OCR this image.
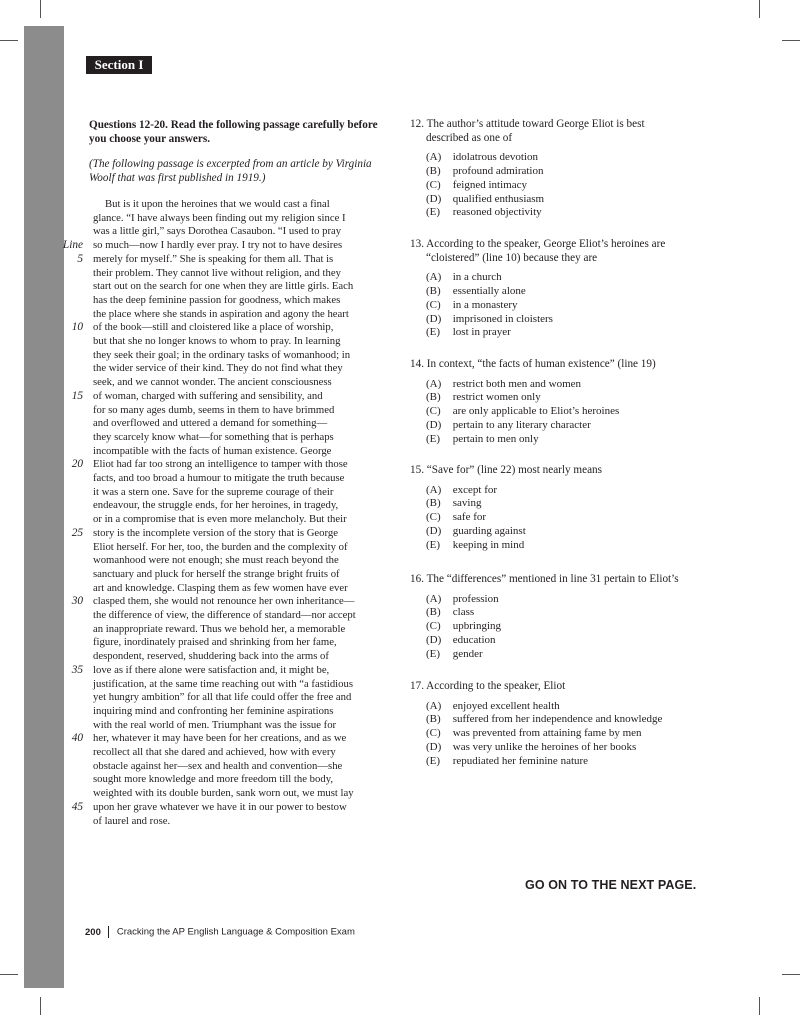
Section I

Questions 12-20. Read the following passage carefully before you choose your answers.

(The following passage is excerpted from an article by Virginia Woolf that was first published in 1919.)

Line
5
10
15
20
25
30
35
40
45
But is it upon the heroines that we would cast a final
glance. “I have always been finding out my religion since I
was a little girl,” says Dorothea Casaubon. “I used to pray
so much—now I hardly ever pray. I try not to have desires
merely for myself.” She is speaking for them all. That is
their problem. They cannot live without religion, and they
start out on the search for one when they are little girls. Each
has the deep feminine passion for goodness, which makes
the place where she stands in aspiration and agony the heart
of the book—still and cloistered like a place of worship,
but that she no longer knows to whom to pray. In learning
they seek their goal; in the ordinary tasks of womanhood; in
the wider service of their kind. They do not find what they
seek, and we cannot wonder. The ancient consciousness
of woman, charged with suffering and sensibility, and
for so many ages dumb, seems in them to have brimmed
and overflowed and uttered a demand for something—
they scarcely know what—for something that is perhaps
incompatible with the facts of human existence. George
Eliot had far too strong an intelligence to tamper with those
facts, and too broad a humour to mitigate the truth because
it was a stern one. Save for the supreme courage of their
endeavour, the struggle ends, for her heroines, in tragedy,
or in a compromise that is even more melancholy. But their
story is the incomplete version of the story that is George
Eliot herself. For her, too, the burden and the complexity of
womanhood were not enough; she must reach beyond the
sanctuary and pluck for herself the strange bright fruits of
art and knowledge. Clasping them as few women have ever
clasped them, she would not renounce her own inheritance—
the difference of view, the difference of standard—nor accept
an inappropriate reward. Thus we behold her, a memorable
figure, inordinately praised and shrinking from her fame,
despondent, reserved, shuddering back into the arms of
love as if there alone were satisfaction and, it might be,
justification, at the same time reaching out with “a fastidious
yet hungry ambition” for all that life could offer the free and
inquiring mind and confronting her feminine aspirations
with the real world of men. Triumphant was the issue for
her, whatever it may have been for her creations, and as we
recollect all that she dared and achieved, how with every
obstacle against her—sex and health and convention—she
sought more knowledge and more freedom till the body,
weighted with its double burden, sank worn out, we must lay
upon her grave whatever we have it in our power to bestow
of laurel and rose.
12. The author’s attitude toward George Eliot is best
described as one of
(A) idolatrous devotion
(B) profound admiration
(C) feigned intimacy
(D) qualified enthusiasm
(E) reasoned objectivity
13. According to the speaker, George Eliot’s heroines are
“cloistered” (line 10) because they are
(A) in a church
(B) essentially alone
(C) in a monastery
(D) imprisoned in cloisters
(E) lost in prayer
14. In context, “the facts of human existence” (line 19)
(A) restrict both men and women
(B) restrict women only
(C) are only applicable to Eliot’s heroines
(D) pertain to any literary character
(E) pertain to men only
15. “Save for” (line 22) most nearly means
(A) except for
(B) saving
(C) safe for
(D) guarding against
(E) keeping in mind
16. The “differences” mentioned in line 31 pertain to Eliot’s
(A) profession
(B) class
(C) upbringing
(D) education
(E) gender
17. According to the speaker, Eliot
(A) enjoyed excellent health
(B) suffered from her independence and knowledge
(C) was prevented from attaining fame by men
(D) was very unlike the heroines of her books
(E) repudiated her feminine nature
GO ON TO THE NEXT PAGE.
200 Cracking the AP English Language & Composition Exam
